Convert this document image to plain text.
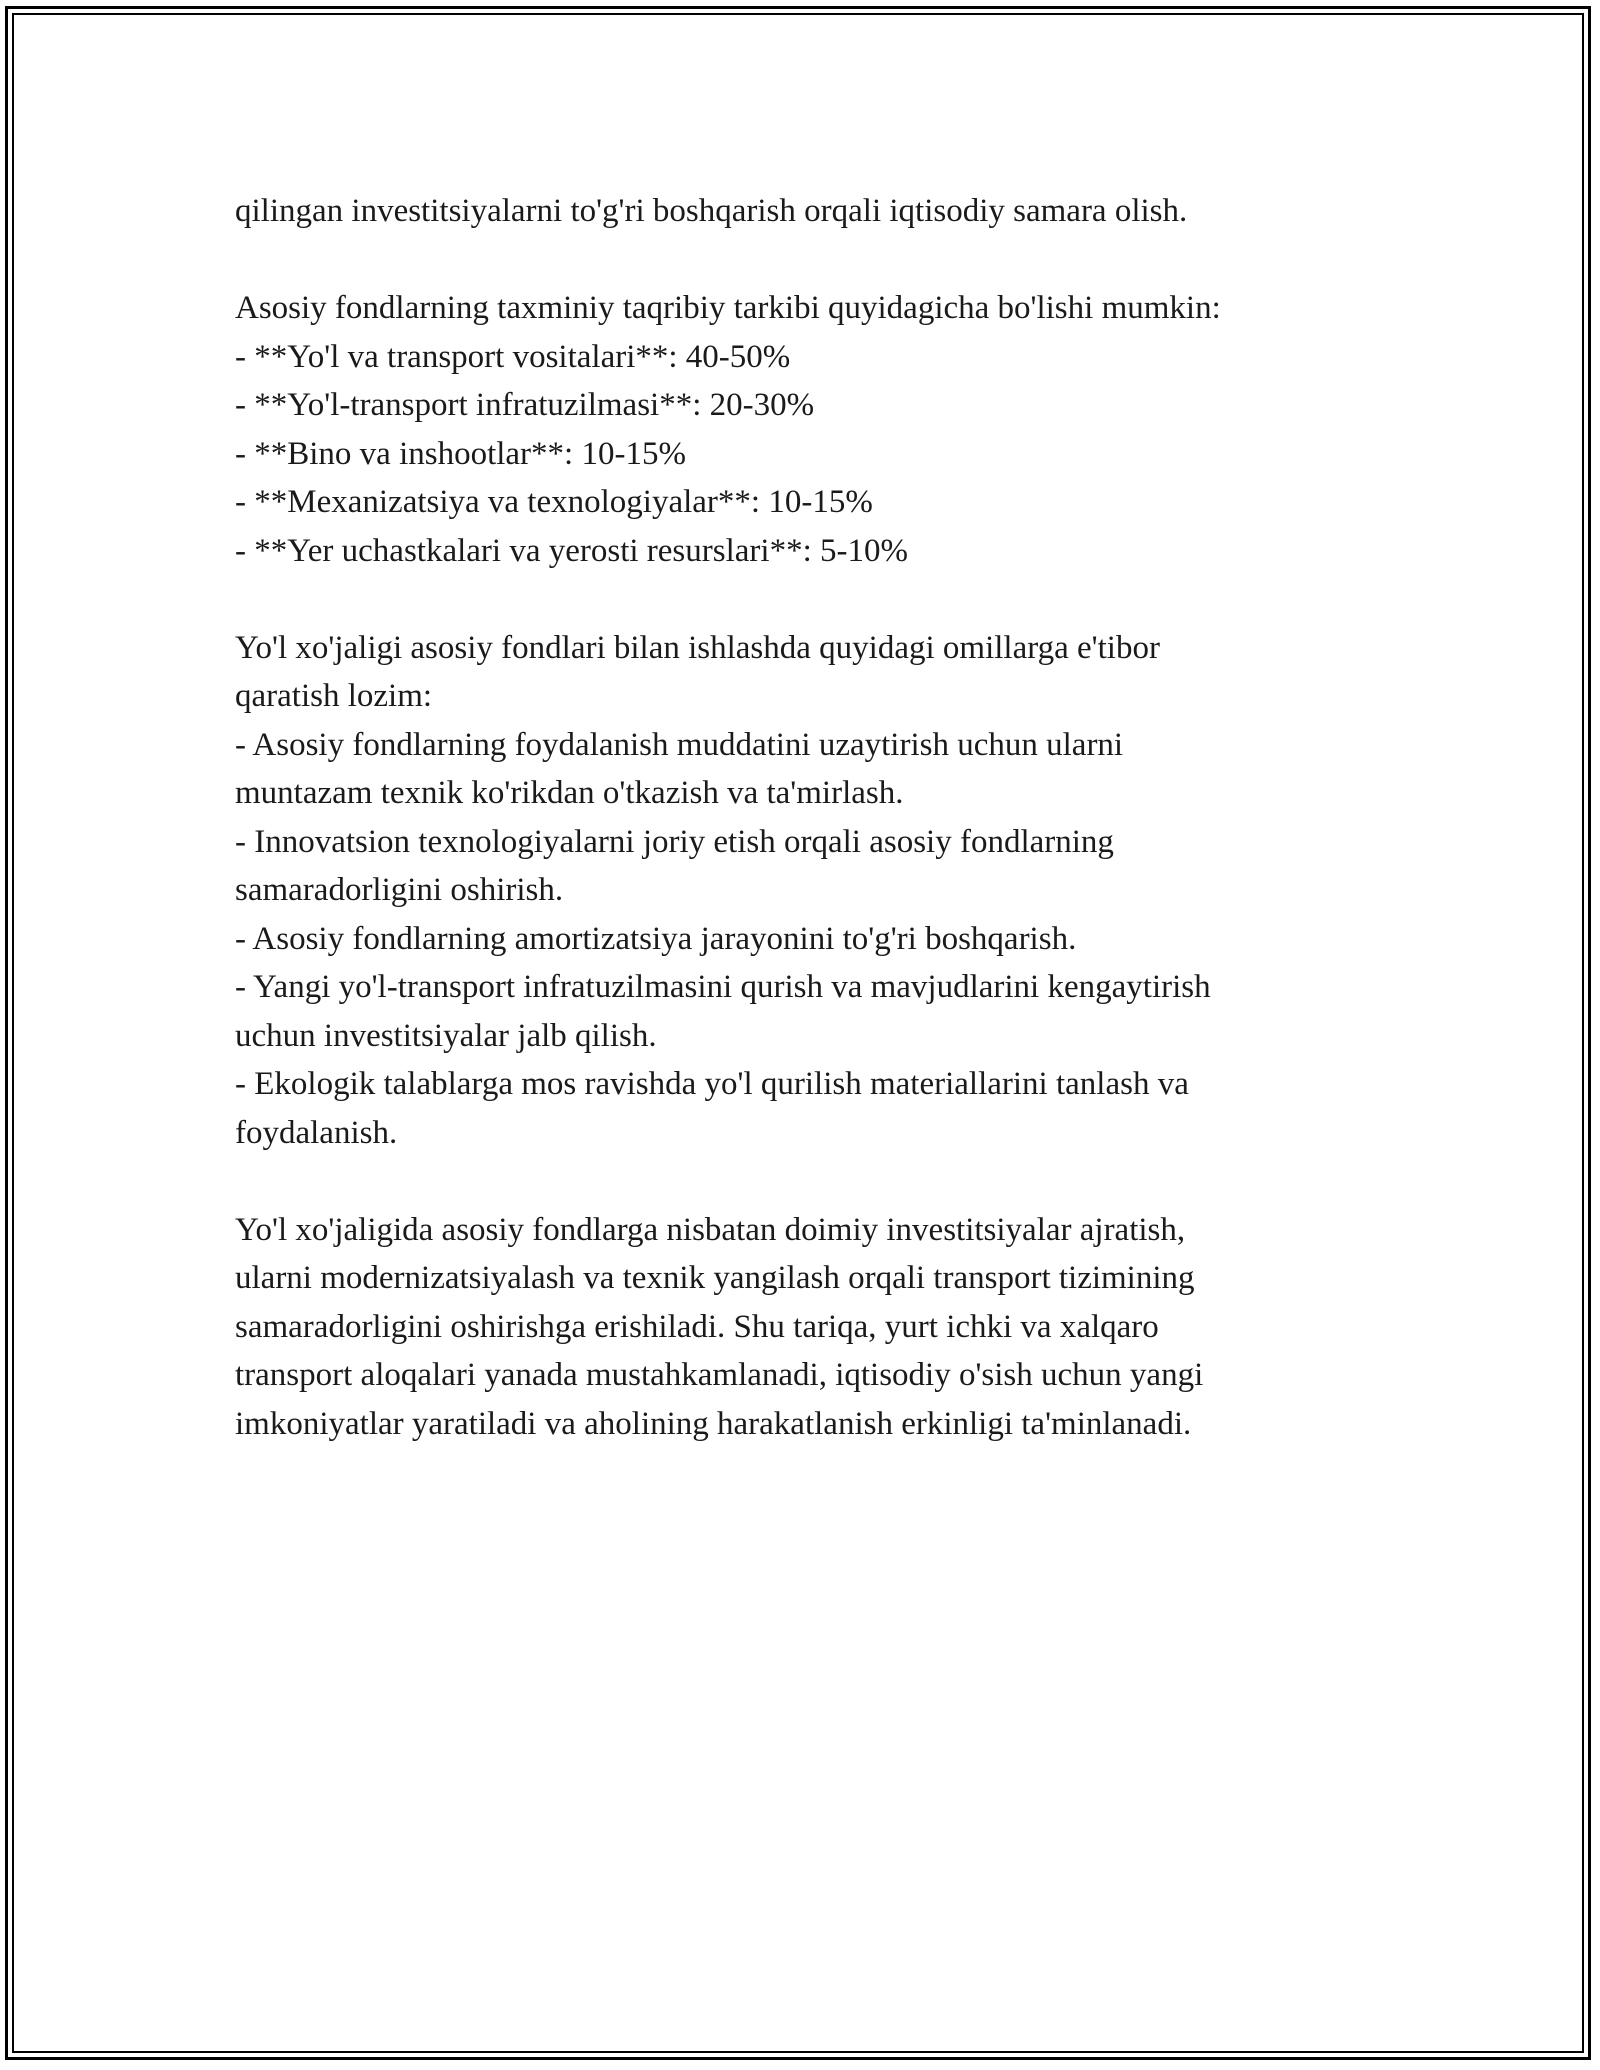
qilingan investitsiyalarni to'g'ri boshqarish orqali iqtisodiy samara olish.

Asosiy fondlarning taxminiy taqribiy tarkibi quyidagicha bo'lishi mumkin:
- **Yo'l va transport vositalari**: 40-50%
- **Yo'l-transport infratuzilmasi**: 20-30%
- **Bino va inshootlar**: 10-15%
- **Mexanizatsiya va texnologiyalar**: 10-15%
- **Yer uchastkalari va yerosti resurslari**: 5-10%
Yo'l xo'jaligi asosiy fondlari bilan ishlashda quyidagi omillarga e'tibor
qaratish lozim:
- Asosiy fondlarning foydalanish muddatini uzaytirish uchun ularni
muntazam texnik ko'rikdan o'tkazish va ta'mirlash.
- Innovatsion texnologiyalarni joriy etish orqali asosiy fondlarning
samaradorligini oshirish.
- Asosiy fondlarning amortizatsiya jarayonini to'g'ri boshqarish.
- Yangi yo'l-transport infratuzilmasini qurish va mavjudlarini kengaytirish
uchun investitsiyalar jalb qilish.
- Ekologik talablarga mos ravishda yo'l qurilish materiallarini tanlash va
foydalanish.
Yo'l xo'jaligida asosiy fondlarga nisbatan doimiy investitsiyalar ajratish,
ularni modernizatsiyalash va texnik yangilash orqali transport tizimining
samaradorligini oshirishga erishiladi. Shu tariqa, yurt ichki va xalqaro
transport aloqalari yanada mustahkamlanadi, iqtisodiy o'sish uchun yangi
imkoniyatlar yaratiladi va aholining harakatlanish erkinligi ta'minlanadi.
